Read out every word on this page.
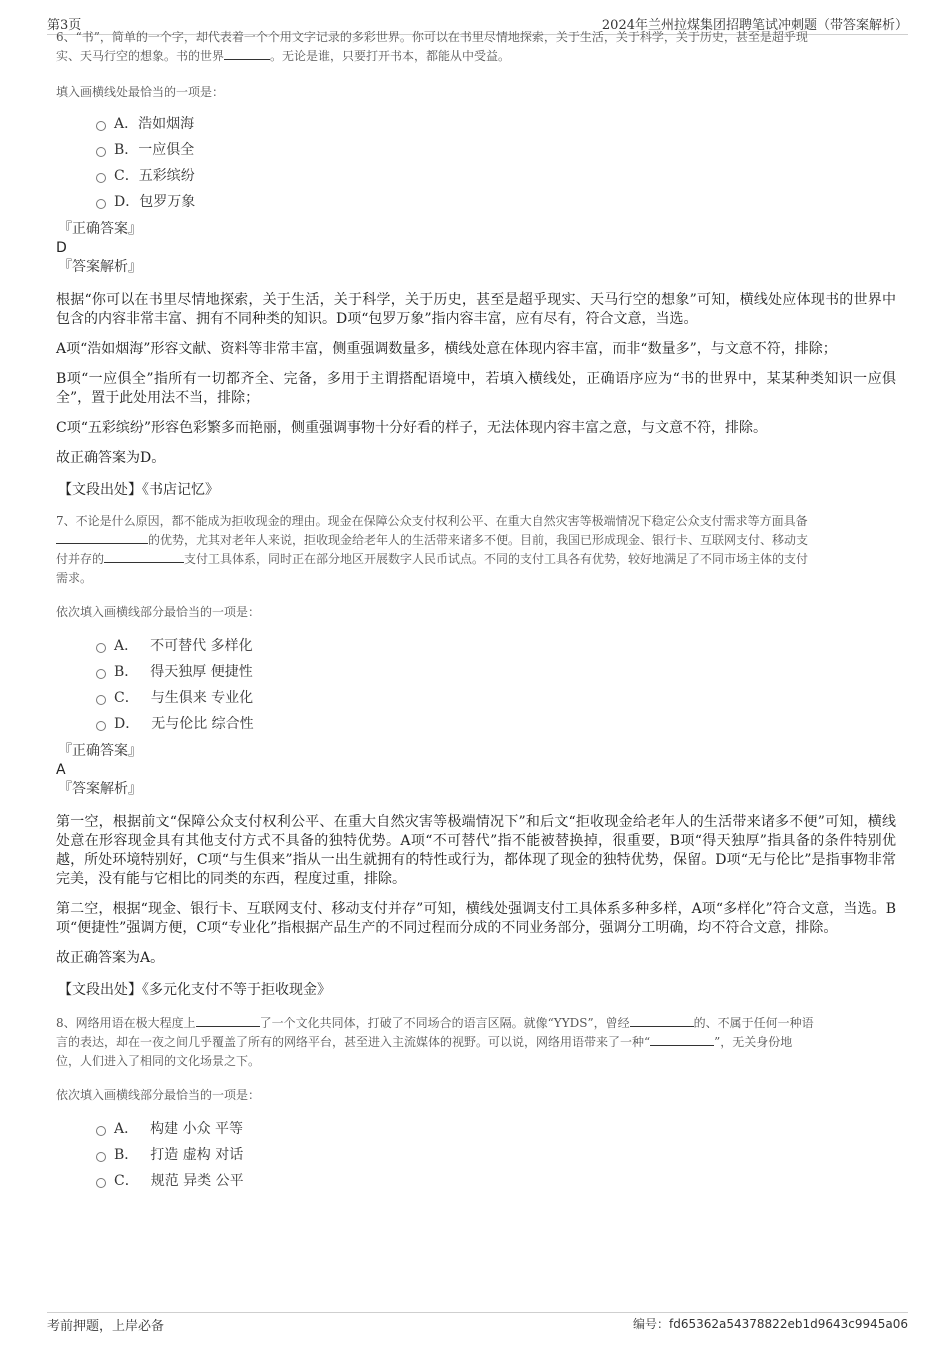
第3页	2024年兰州拉煤集团招聘笔试冲刺题（带答案解析）

6、“书”，简单的一个字，却代表着一个个用文字记录的多彩世界。你可以在书里尽情地探索，关于生活，关于科学，关于历史，甚至是超乎现

实、天马行空的想象。书的世界	。无论是谁，只要打开书本，都能从中受益。

填入画横线处最恰当的一项是：

A．浩如烟海
B．一应俱全
C．五彩缤纷
D．包罗万象

『正确答案』

D

『答案解析』

根据“你可以在书里尽情地探索，关于生活，关于科学，关于历史，甚至是超乎现实、天马行空的想象”可知，横线处应体现书的世界中包含的内容非常丰富、拥有不同种类的知识。D项“包罗万象”指内容丰富，应有尽有，符合文意，当选。

A项“浩如烟海”形容文献、资料等非常丰富，侧重强调数量多，横线处意在体现内容丰富，而非“数量多”，与文意不符，排除；

B项“一应俱全”指所有一切都齐全、完备，多用于主谓搭配语境中，若填入横线处，正确语序应为“书的世界中，某某种类知识一应俱全”，置于此处用法不当，排除；

C项“五彩缤纷”形容色彩繁多而艳丽，侧重强调事物十分好看的样子，无法体现内容丰富之意，与文意不符，排除。

故正确答案为D。

【文段出处】《书店记忆》

7、不论是什么原因，都不能成为拒收现金的理由。现金在保障公众支付权利公平、在重大自然灾害等极端情况下稳定公众支付需求等方面具备

的优势，尤其对老年人来说，拒收现金给老年人的生活带来诸多不便。目前，我国已形成现金、银行卡、互联网支付、移动支

付并存的	支付工具体系，同时正在部分地区开展数字人民币试点。不同的支付工具各有优势，较好地满足了不同市场主体的支付

需求。

依次填入画横线部分最恰当的一项是：

A． 不可替代 多样化
B． 得天独厚 便捷性
C． 与生俱来 专业化
D． 无与伦比 综合性

『正确答案』

A

『答案解析』

第一空，根据前文“保障公众支付权利公平、在重大自然灾害等极端情况下”和后文“拒收现金给老年人的生活带来诸多不便”可知，横线处意在形容现金具有其他支付方式不具备的独特优势。A项“不可替代”指不能被替换掉，很重要，B项“得天独厚”指具备的条件特别优越，所处环境特别好，C项“与生俱来”指从一出生就拥有的特性或行为，都体现了现金的独特优势，保留。D项“无与伦比”是指事物非常完美，没有能与它相比的同类的东西，程度过重，排除。

第二空，根据“现金、银行卡、互联网支付、移动支付并存”可知，横线处强调支付工具体系多种多样，A项“多样化”符合文意，当选。B项“便捷性”强调方便，C项“专业化”指根据产品生产的不同过程而分成的不同业务部分，强调分工明确，均不符合文意，排除。

故正确答案为A。

【文段出处】《多元化支付不等于拒收现金》

8、网络用语在极大程度上	了一个文化共同体，打破了不同场合的语言区隔。就像“YYDS”，曾经	的、不属于任何一种语

言的表达，却在一夜之间几乎覆盖了所有的网络平台，甚至进入主流媒体的视野。可以说，网络用语带来了一种“	”，无关身份地

位，人们进入了相同的文化场景之下。

依次填入画横线部分最恰当的一项是：

A． 构建 小众 平等
B． 打造 虚构 对话
C． 规范 异类 公平
考前押题，上岸必备	编号：fd65362a54378822eb1d9643c9945a06
